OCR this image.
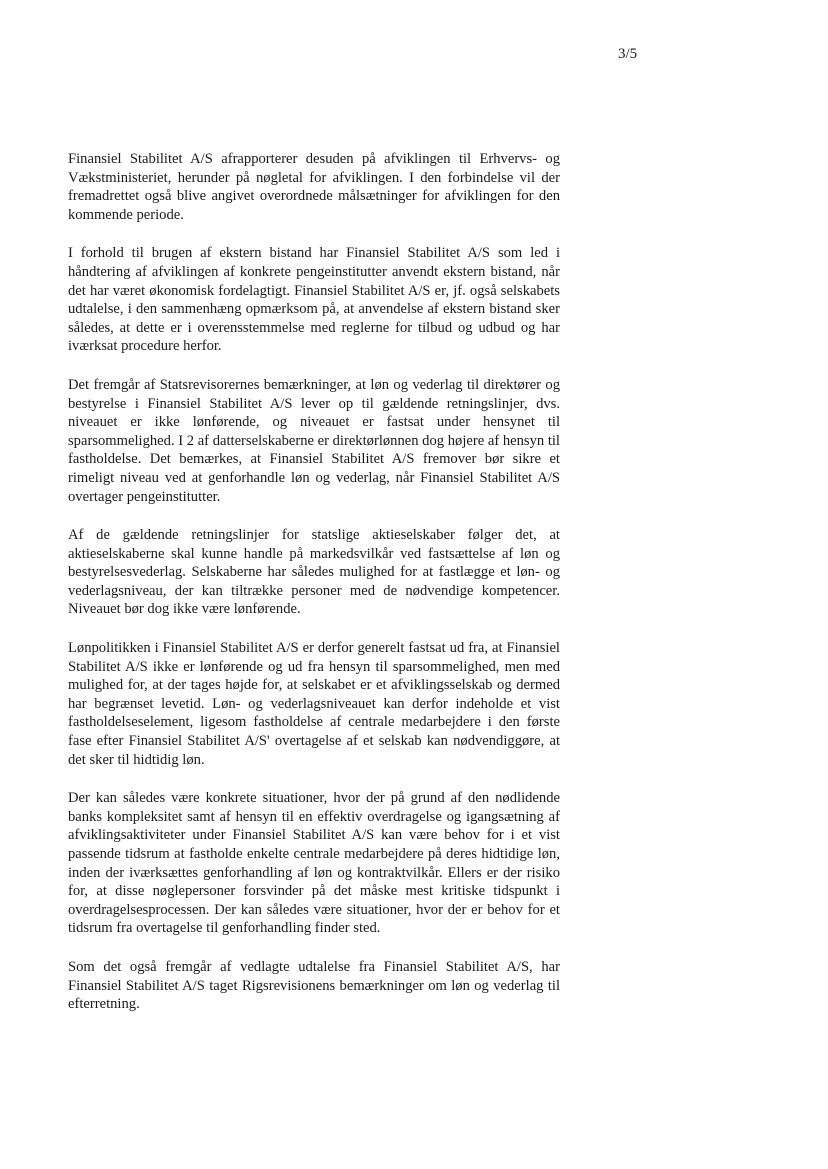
3/5

Finansiel Stabilitet A/S afrapporterer desuden på afviklingen til Erhvervs- og Vækstministeriet, herunder på nøgletal for afviklingen. I den forbindelse vil der fremadrettet også blive angivet overordnede målsætninger for afviklingen for den kommende periode.

I forhold til brugen af ekstern bistand har Finansiel Stabilitet A/S som led i håndtering af afviklingen af konkrete pengeinstitutter anvendt ekstern bistand, når det har været økonomisk fordelagtigt. Finansiel Stabilitet A/S er, jf. også selskabets udtalelse, i den sammenhæng opmærksom på, at anvendelse af ekstern bistand sker således, at dette er i overensstemmelse med reglerne for tilbud og udbud og har iværksat procedure herfor.

Det fremgår af Statsrevisorernes bemærkninger, at løn og vederlag til direktører og bestyrelse i Finansiel Stabilitet A/S lever op til gældende retningslinjer, dvs. niveauet er ikke lønførende, og niveauet er fastsat under hensynet til sparsommelighed. I 2 af datterselskaberne er direktørlønnen dog højere af hensyn til fastholdelse. Det bemærkes, at Finansiel Stabilitet A/S fremover bør sikre et rimeligt niveau ved at genforhandle løn og vederlag, når Finansiel Stabilitet A/S overtager pengeinstitutter.

Af de gældende retningslinjer for statslige aktieselskaber følger det, at aktieselskaberne skal kunne handle på markedsvilkår ved fastsættelse af løn og bestyrelsesvederlag. Selskaberne har således mulighed for at fastlægge et løn- og vederlagsniveau, der kan tiltrække personer med de nødvendige kompetencer. Niveauet bør dog ikke være lønførende.

Lønpolitikken i Finansiel Stabilitet A/S er derfor generelt fastsat ud fra, at Finansiel Stabilitet A/S ikke er lønførende og ud fra hensyn til sparsommelighed, men med mulighed for, at der tages højde for, at selskabet er et afviklingsselskab og dermed har begrænset levetid. Løn- og vederlagsniveauet kan derfor indeholde et vist fastholdelseselement, ligesom fastholdelse af centrale medarbejdere i den første fase efter Finansiel Stabilitet A/S' overtagelse af et selskab kan nødvendiggøre, at det sker til hidtidig løn.

Der kan således være konkrete situationer, hvor der på grund af den nødlidende banks kompleksitet samt af hensyn til en effektiv overdragelse og igangsætning af afviklingsaktiviteter under Finansiel Stabilitet A/S kan være behov for i et vist passende tidsrum at fastholde enkelte centrale medarbejdere på deres hidtidige løn, inden der iværksættes genforhandling af løn og kontraktvilkår. Ellers er der risiko for, at disse nøglepersoner forsvinder på det måske mest kritiske tidspunkt i overdragelsesprocessen. Der kan således være situationer, hvor der er behov for et tidsrum fra overtagelse til genforhandling finder sted.

Som det også fremgår af vedlagte udtalelse fra Finansiel Stabilitet A/S, har Finansiel Stabilitet A/S taget Rigsrevisionens bemærkninger om løn og vederlag til efterretning.
